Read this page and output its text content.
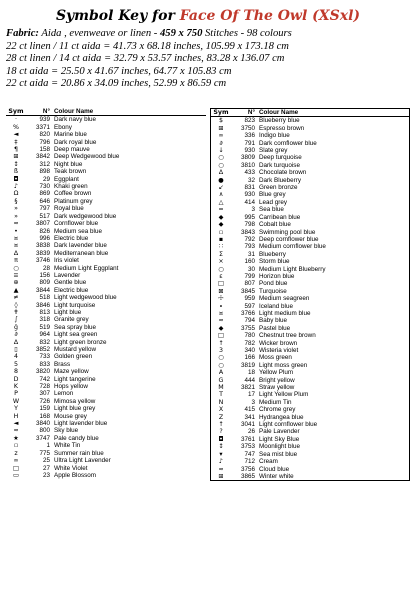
Symbol Key for Face Of The Owl (XSxl)
Fabric: Aida , evenweave or linen - 459 x 750 Stitches - 98 colours
22 ct linen / 11 ct aida = 41.73 x 68.18 inches, 105.99 x 173.18 cm
28 ct linen / 14 ct aida = 32.79 x 53.57 inches, 83.28 x 136.07 cm
18 ct aida = 25.50 x 41.67 inches, 64.77 x 105.83 cm
22 ct aida = 20.86 x 34.09 inches, 52.99 x 86.59 cm
Sym	N° Colour Name
·	939 Dark navy blue
%	3371 Ebony
◄	820 Marine blue
‡	796 Dark royal blue
¶	158 Deep mauve
⊞	3842 Deep Wedgewood blue
↕	312 Night blue
ß	898 Teak brown
◘	29 Eggplant
♪	730 Khaki green
Ω	869 Coffee brown
§	646 Platinum grey
»	797 Royal blue
»	517 Dark wedgewood blue
≈	3807 Cornflower blue
•	826 Medium sea blue
¤	996 Electric blue
¤	3838 Dark lavender blue
∆	3839 Mediterranean blue
π	3746 Iris violet
○	28 Medium Light Eggplant
≡	156 Lavender
⊕	809 Gentle blue
▲	3844 Electric blue
≠	518 Light wedgewood blue
◊	3846 Light turquoise
✝	813 Light blue
∫	318 Granite grey
ğ	519 Sea spray blue
∂	964 Light sea green
∆	832 Light green bronze
▯	3852 Mustard yellow
4	733 Golden green
5	833 Brass
8	3820 Maze yellow
D	742 Light tangerine
K	728 Hops yellow
P	307 Lemon
W	726 Mimosa yellow
Y	159 Light blue grey
H	168 Mouse grey
◄	3840 Light lavender blue
≈	800 Sky blue
★	3747 Pale candy blue
▫	1 White Tin
z	775 Summer rain blue
∞	25 Ultra Light Lavender
□	27 White Violet
▭	23 Apple Blossom
Sym	N° Colour Name
$	823 Blueberry blue
⊞	3750 Espresso brown
∞	336 Indigo blue
∂	791 Dark cornflower blue
↓	930 Slate grey
○	3809 Deep turquoise
○	3810 Dark turquoise
∆	433 Chocolate brown
●	32 Dark Blueberry
↙	831 Green bronze
∧	930 Blue grey
△	414 Lead grey
=	3 Sea blue
◆	995 Carribean blue
◆	798 Cobalt blue
▫	3843 Swimming pool blue
▪	792 Deep cornflower blue
∷	793 Medium cornflower blue
Σ	31 Blueberry
×	160 Storm blue
○	30 Medium Light Blueberry
ε	799 Horizon blue
□	807 Pond blue
⊠	3845 Turquoise
☩	959 Medium seagreen
∙	597 Iceland blue
¤	3766 Light medium blue
≈	794 Baby blue
◆	3755 Pastel blue
□	780 Chestnut tree brown
↑	782 Wicker brown
3	340 Wisteria violet
○	166 Moss green
○	3819 Light moss green
A	18 Yellow Plum
G	444 Bright yellow
M	3821 Straw yellow
T	17 Light Yellow Plum
N	3 Medium Tin
X	415 Chrome grey
Z	341 Hydrangea blue
↑	3041 Light cornflower blue
?	26 Pale Lavender
◘	3761 Light Sky Blue
↕	3753 Moonlight blue
▾	747 Sea mist blue
♪	712 Cream
≈	3756 Cloud blue
⊞	3865 Winter white
